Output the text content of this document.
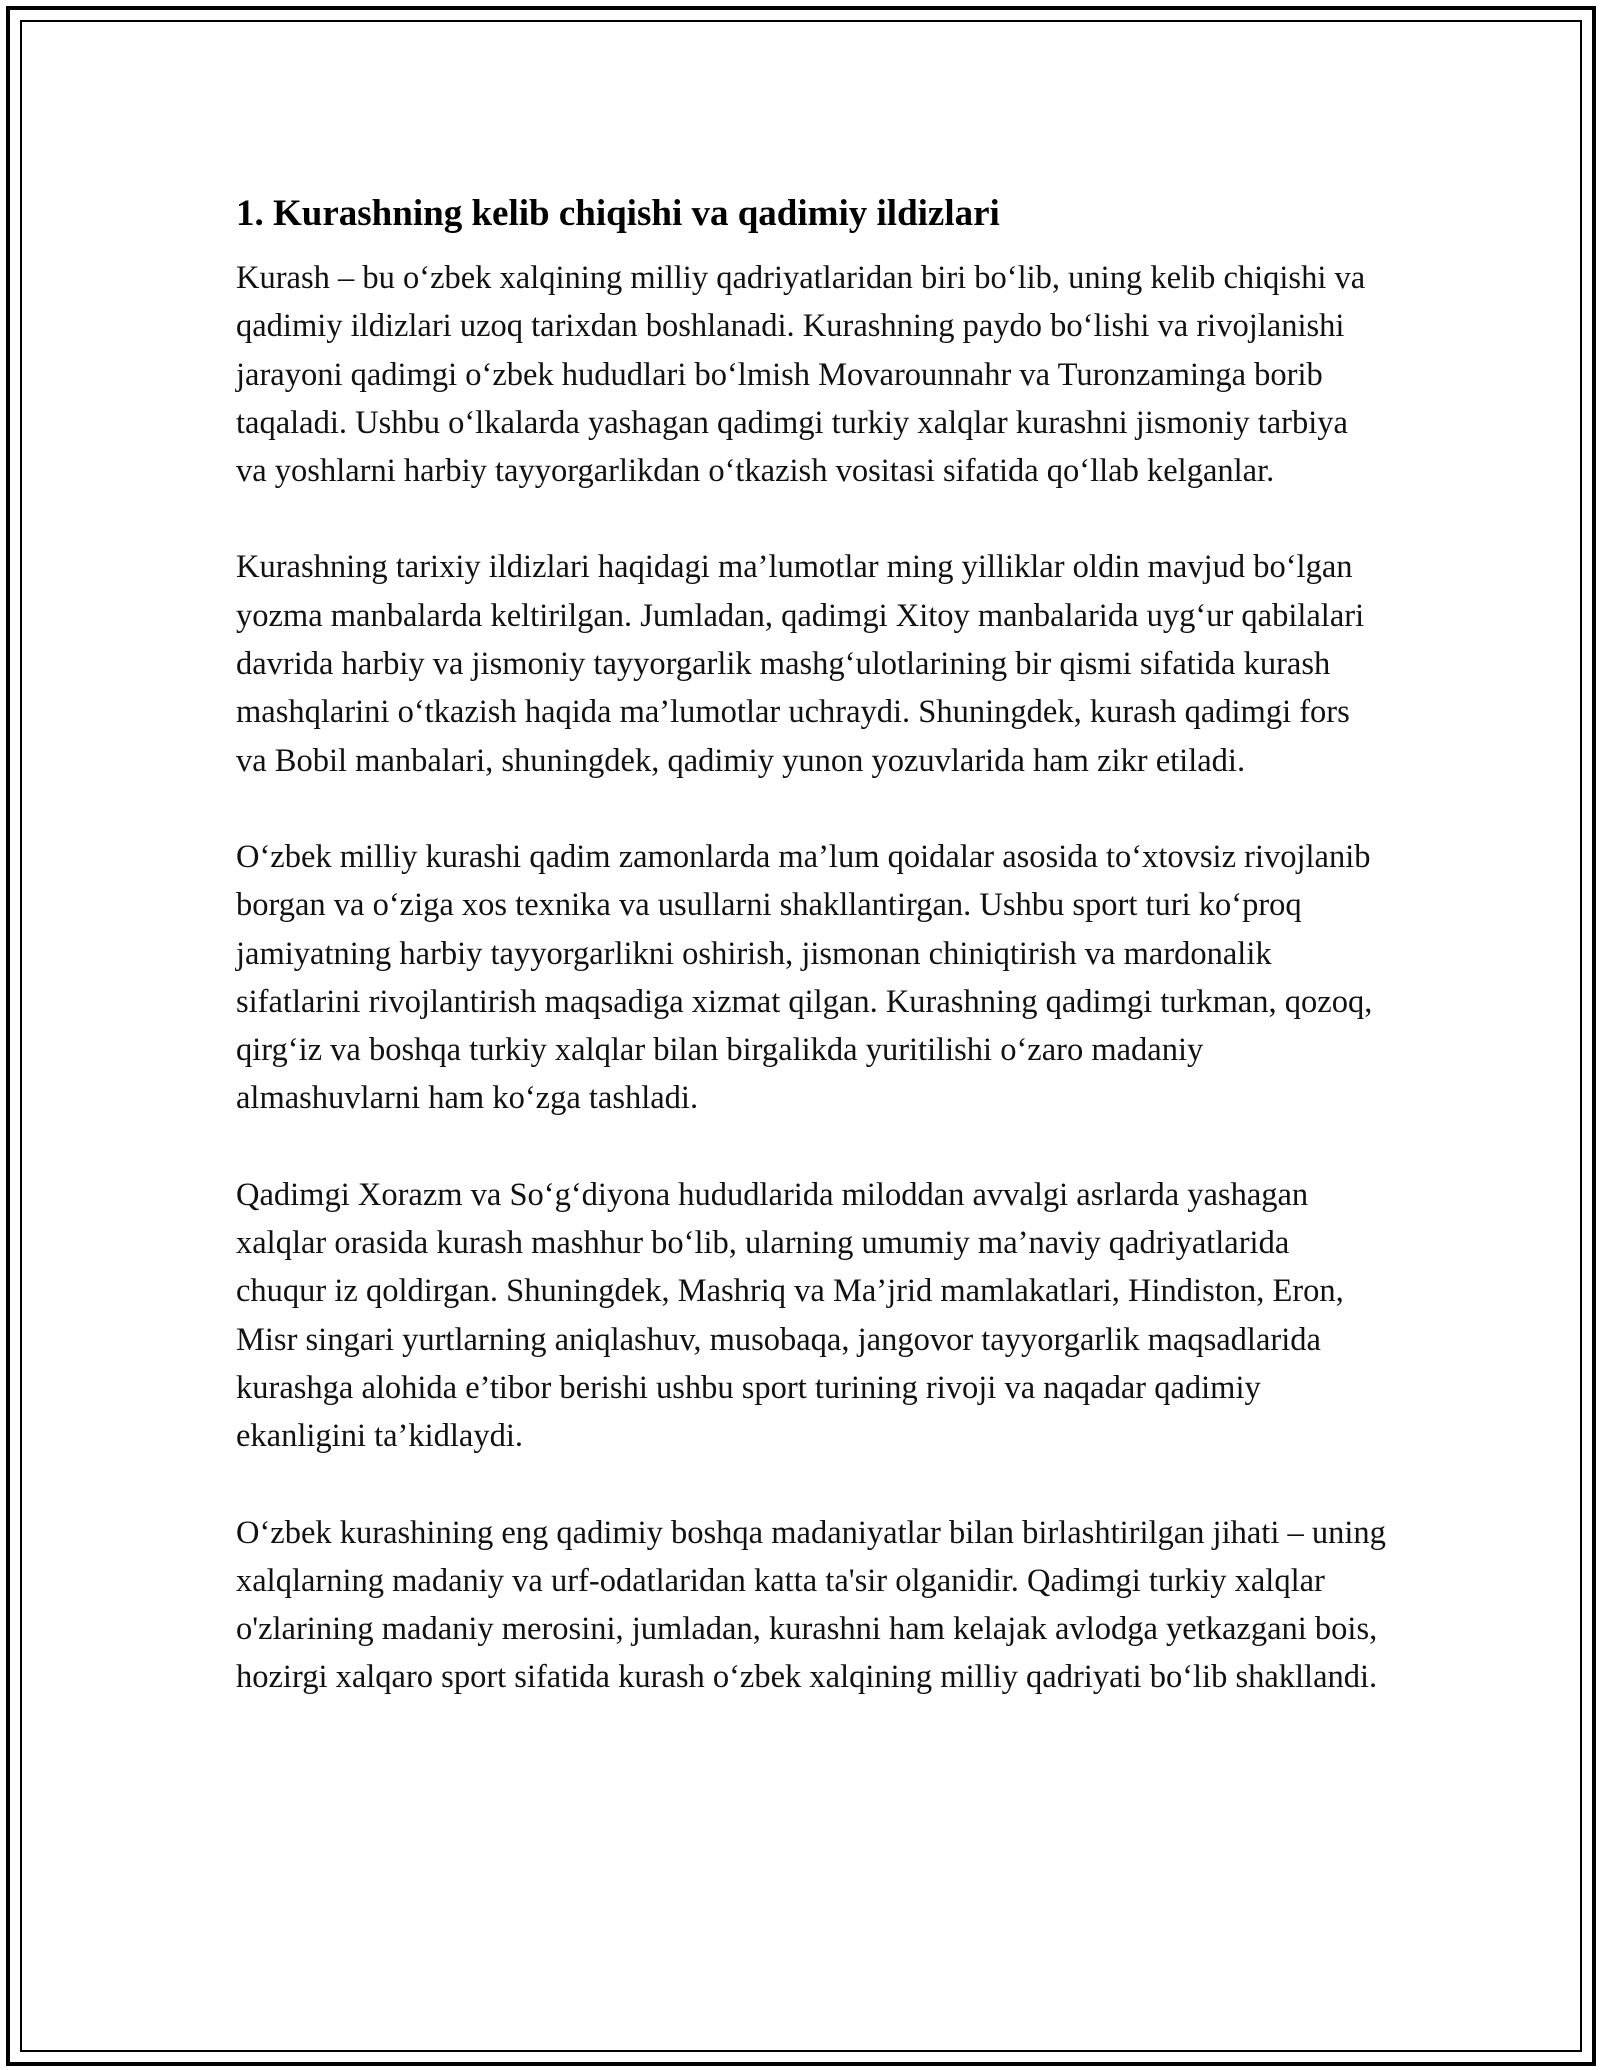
1. Kurashning kelib chiqishi va qadimiy ildizlari

Kurash – bu o‘zbek xalqining milliy qadriyatlaridan biri bo‘lib, uning kelib chiqishi va qadimiy ildizlari uzoq tarixdan boshlanadi. Kurashning paydo bo‘lishi va rivojlanishi jarayoni qadimgi o‘zbek hududlari bo‘lmish Movarounnahr va Turonzaminga borib taqaladi. Ushbu o‘lkalarda yashagan qadimgi turkiy xalqlar kurashni jismoniy tarbiya va yoshlarni harbiy tayyorgarlikdan o‘tkazish vositasi sifatida qo‘llab kelganlar.

Kurashning tarixiy ildizlari haqidagi ma’lumotlar ming yilliklar oldin mavjud bo‘lgan yozma manbalarda keltirilgan. Jumladan, qadimgi Xitoy manbalarida uyg‘ur qabilalari davrida harbiy va jismoniy tayyorgarlik mashg‘ulotlarining bir qismi sifatida kurash mashqlarini o‘tkazish haqida ma’lumotlar uchraydi. Shuningdek, kurash qadimgi fors va Bobil manbalari, shuningdek, qadimiy yunon yozuvlarida ham zikr etiladi.

O‘zbek milliy kurashi qadim zamonlarda ma’lum qoidalar asosida to‘xtovsiz rivojlanib borgan va o‘ziga xos texnika va usullarni shakllantirgan. Ushbu sport turi ko‘proq jamiyatning harbiy tayyorgarlikni oshirish, jismonan chiniqtirish va mardonalik sifatlarini rivojlantirish maqsadiga xizmat qilgan. Kurashning qadimgi turkman, qozoq, qirg‘iz va boshqa turkiy xalqlar bilan birgalikda yuritilishi o‘zaro madaniy almashuvlarni ham ko‘zga tashladi.

Qadimgi Xorazm va So‘g‘diyona hududlarida miloddan avvalgi asrlarda yashagan xalqlar orasida kurash mashhur bo‘lib, ularning umumiy ma’naviy qadriyatlarida chuqur iz qoldirgan. Shuningdek, Mashriq va Ma’jrid mamlakatlari, Hindiston, Eron, Misr singari yurtlarning aniqlashuv, musobaqa, jangovor tayyorgarlik maqsadlarida kurashga alohida e’tibor berishi ushbu sport turining rivoji va naqadar qadimiy ekanligini ta’kidlaydi.

O‘zbek kurashining eng qadimiy boshqa madaniyatlar bilan birlashtirilgan jihati – uning xalqlarning madaniy va urf-odatlaridan katta ta'sir olganidir. Qadimgi turkiy xalqlar o'zlarining madaniy merosini, jumladan, kurashni ham kelajak avlodga yetkazgani bois, hozirgi xalqaro sport sifatida kurash o‘zbek xalqining milliy qadriyati bo‘lib shakllandi.
